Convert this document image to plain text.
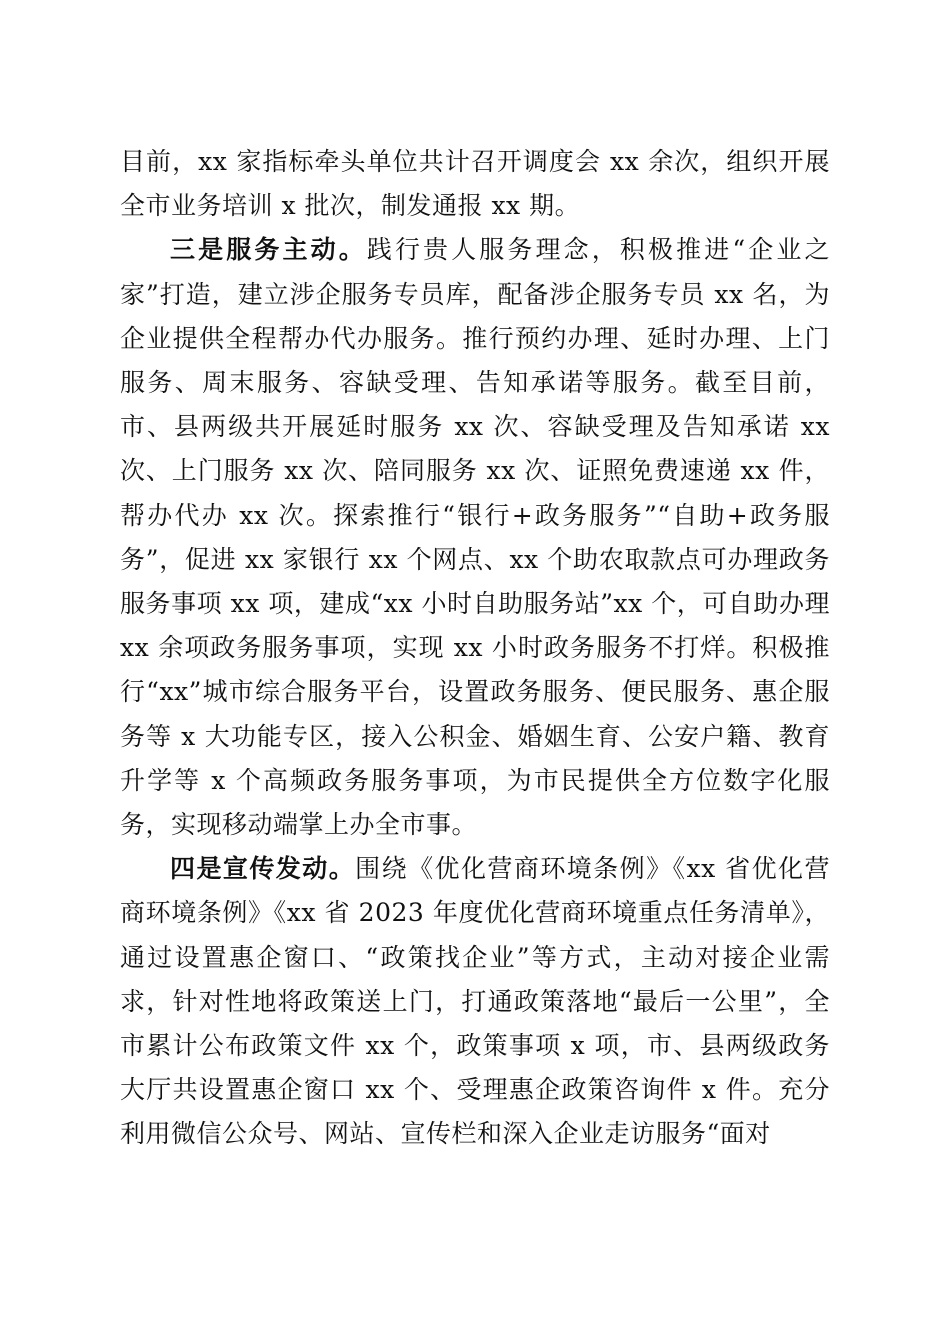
目前，xx 家指标牵头单位共计召开调度会 xx 余次，组织开展全市业务培训 x 批次，制发通报 xx 期。

三是服务主动。践行贵人服务理念，积极推进“企业之家”打造，建立涉企服务专员库，配备涉企服务专员 xx 名，为企业提供全程帮办代办服务。推行预约办理、延时办理、上门服务、周末服务、容缺受理、告知承诺等服务。截至目前，市、县两级共开展延时服务 xx 次、容缺受理及告知承诺 xx 次、上门服务 xx 次、陪同服务 xx 次、证照免费速递 xx 件，帮办代办 xx 次。探索推行“银行+政务服务”“自助+政务服务”，促进 xx 家银行 xx 个网点、xx 个助农取款点可办理政务服务事项 xx 项，建成“xx 小时自助服务站”xx 个，可自助办理 xx 余项政务服务事项，实现 xx 小时政务服务不打烊。积极推行“xx”城市综合服务平台，设置政务服务、便民服务、惠企服务等 x 大功能专区，接入公积金、婚姻生育、公安户籍、教育升学等 x 个高频政务服务事项，为市民提供全方位数字化服务，实现移动端掌上办全市事。

四是宣传发动。围绕《优化营商环境条例》《xx 省优化营商环境条例》《xx 省 2023 年度优化营商环境重点任务清单》，通过设置惠企窗口、“政策找企业”等方式，主动对接企业需求，针对性地将政策送上门，打通政策落地“最后一公里”，全市累计公布政策文件 xx 个，政策事项 x 项，市、县两级政务大厅共设置惠企窗口 xx 个、受理惠企政策咨询件 x 件。充分利用微信公众号、网站、宣传栏和深入企业走访服务“面对
